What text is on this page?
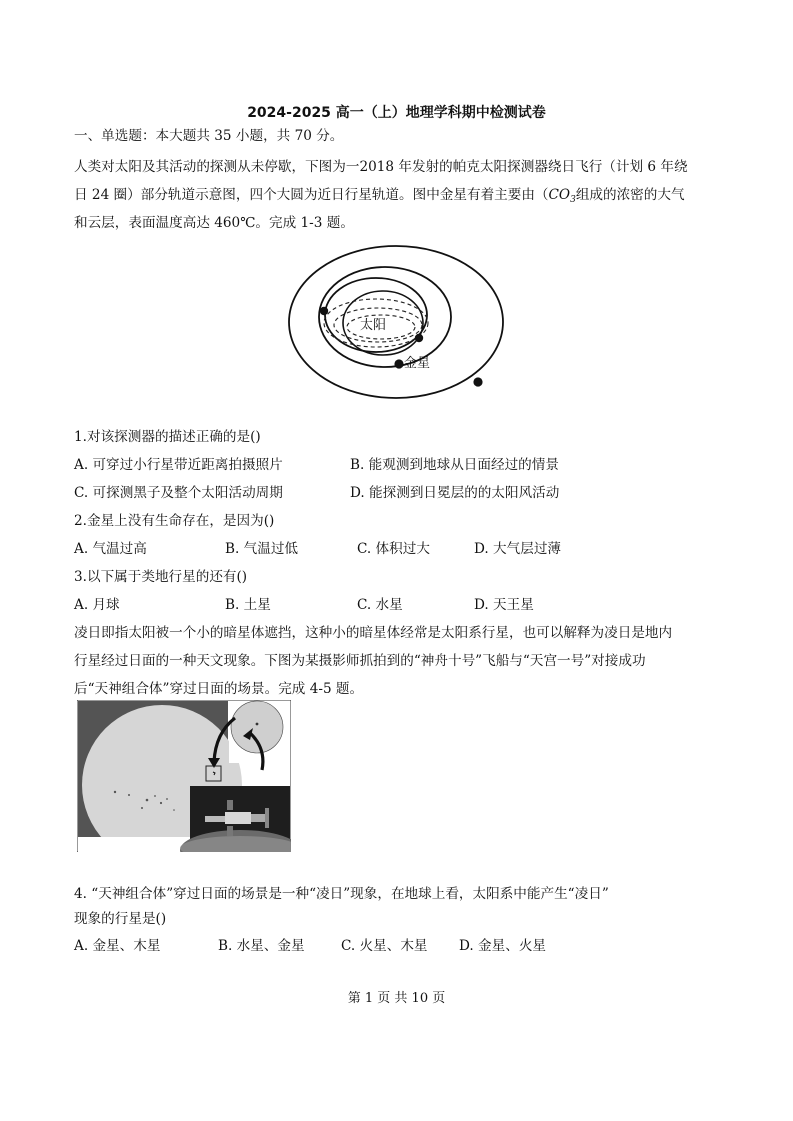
2024-2025 高一（上）地理学科期中检测试卷
一、单选题：本大题共 35 小题，共 70 分。
人类对太阳及其活动的探测从未停歇，下图为一2018 年发射的帕克太阳探测器绕日飞行（计划 6 年绕
日 24 圈）部分轨道示意图，四个大圆为近日行星轨道。图中金星有着主要由（$CO_3$组成的浓密的大气
和云层，表面温度高达 460℃。完成 1-3 题。
太阳
金星
1.对该探测器的描述正确的是()
A. 可穿过小行星带近距离拍摄照片	B. 能观测到地球从日面经过的情景
C. 可探测黑子及整个太阳活动周期	D. 能探测到日冕层的的太阳风活动
2.金星上没有生命存在，是因为()
A. 气温过高	B. 气温过低	C. 体积过大	D. 大气层过薄
3.以下属于类地行星的还有()
A. 月球	B. 土星	C. 水星	D. 天王星
凌日即指太阳被一个小的暗星体遮挡，这种小的暗星体经常是太阳系行星，也可以解释为凌日是地内
行星经过日面的一种天文现象。下图为某摄影师抓拍到的“神舟十号”飞船与“天宫一号”对接成功
后“天神组合体”穿过日面的场景。完成 4-5 题。
4. “天神组合体”穿过日面的场景是一种“凌日”现象，在地球上看，太阳系中能产生“凌日”
现象的行星是()
A. 金星、木星	B. 水星、金星	C. 火星、木星 D. 金星、火星
第 1 页 共 10 页
